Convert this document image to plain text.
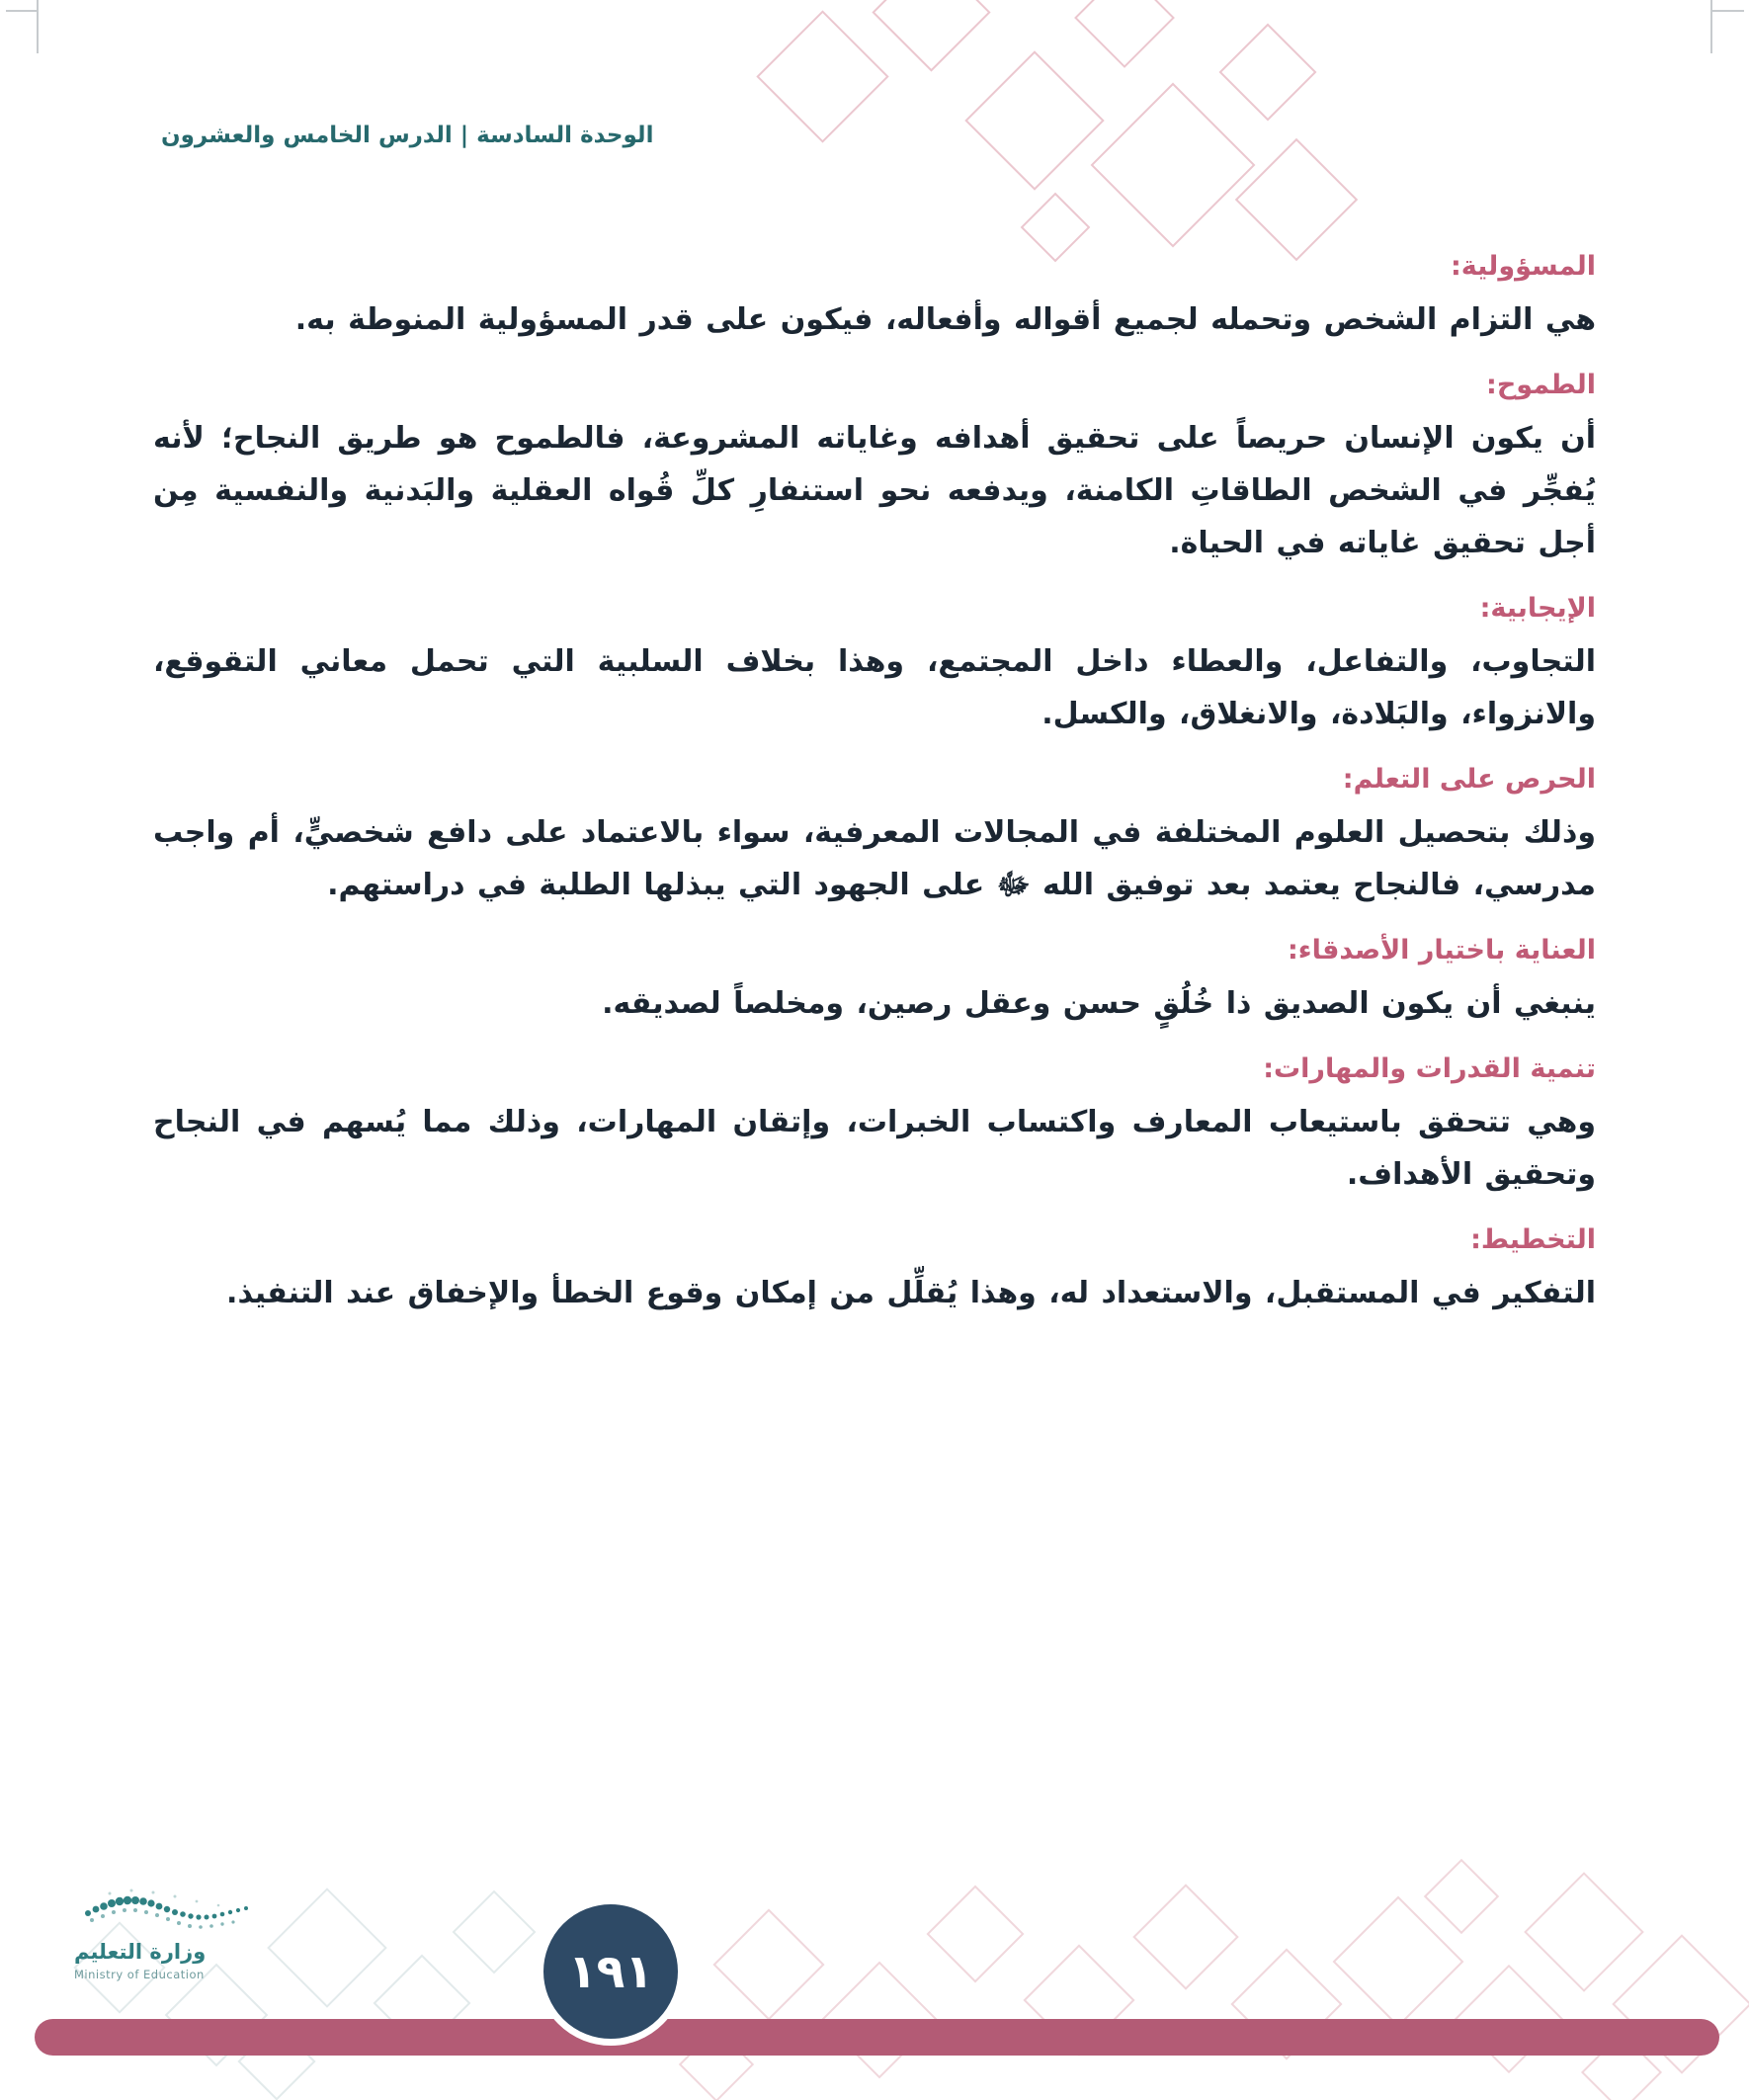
الوحدة السادسة | الدرس الخامس والعشرون
المسؤولية:

هي التزام الشخص وتحمله لجميع أقواله وأفعاله، فيكون على قدر المسؤولية المنوطة به.

الطموح:

أن يكون الإنسان حريصاً على تحقيق أهدافه وغاياته المشروعة، فالطموح هو طريق النجاح؛ لأنه يُفجِّر في الشخص الطاقاتِ الكامنة، ويدفعه نحو استنفارِ كلِّ قُواه العقلية والبَدنية والنفسية مِن أجل تحقيق غاياته في الحياة.

الإيجابية:

التجاوب، والتفاعل، والعطاء داخل المجتمع، وهذا بخلاف السلبية التي تحمل معاني التقوقع، والانزواء، والبَلادة، والانغلاق، والكسل.

الحرص على التعلم:

وذلك بتحصيل العلوم المختلفة في المجالات المعرفية، سواء بالاعتماد على دافع شخصيٍّ، أم واجب مدرسي، فالنجاح يعتمد بعد توفيق الله ﷻ على الجهود التي يبذلها الطلبة في دراستهم.

العناية باختيار الأصدقاء:

ينبغي أن يكون الصديق ذا خُلُقٍ حسن وعقل رصين، ومخلصاً لصديقه.

تنمية القدرات والمهارات:

وهي تتحقق باستيعاب المعارف واكتساب الخبرات، وإتقان المهارات، وذلك مما يُسهم في النجاح وتحقيق الأهداف.

التخطيط:

التفكير في المستقبل، والاستعداد له، وهذا يُقلِّل من إمكان وقوع الخطأ والإخفاق عند التنفيذ.

١٩١
وزارة التعليم
Ministry of Education
